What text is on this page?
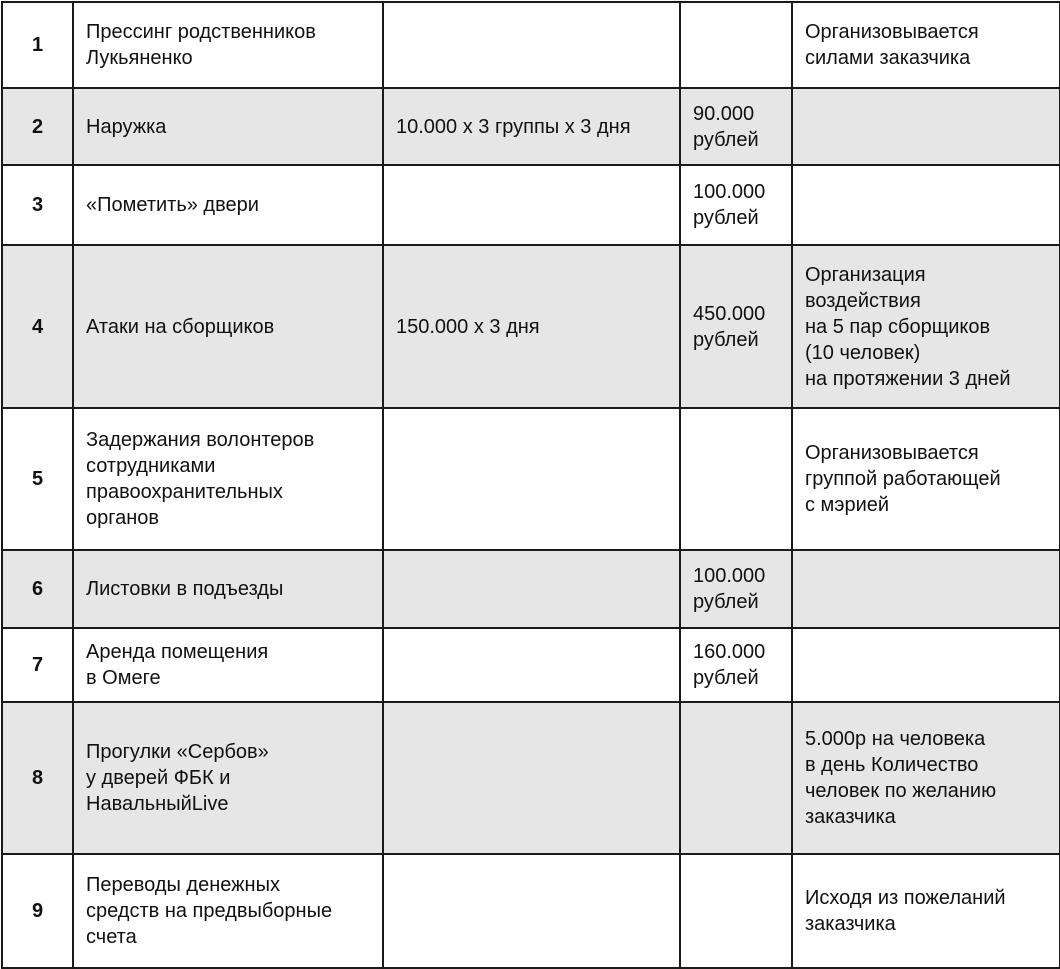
1	Прессинг родственников
Лукьяненко			Организовывается
силами заказчика
2	Наружка	10.000 x 3 группы x 3 дня	90.000
рублей	
3	«Пометить» двери		100.000
рублей	
4	Атаки на сборщиков	150.000 x 3 дня	450.000
рублей	Организация
воздействия
на 5 пар сборщиков
(10 человек)
на протяжении 3 дней
5	Задержания волонтеров
сотрудниками
правоохранительных
органов			Организовывается
группой работающей
с мэрией
6	Листовки в подъезды		100.000
рублей	
7	Аренда помещения
в Омеге		160.000
рублей	
8	Прогулки «Сербов»
у дверей ФБК и
НавальныйLive			5.000р на человека
в день Количество
человек по желанию
заказчика
9	Переводы денежных
средств на предвыборные
счета			Исходя из пожеланий
заказчика
